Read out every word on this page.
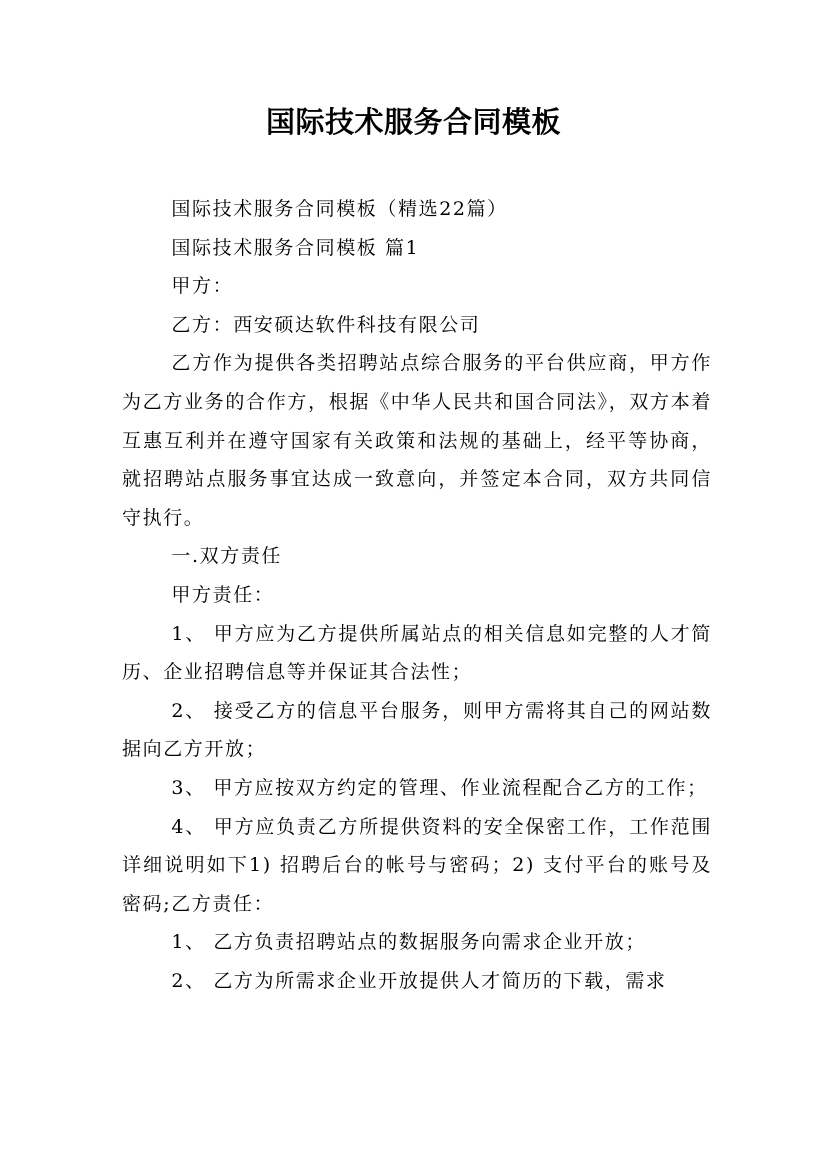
国际技术服务合同模板

国际技术服务合同模板（精选22篇）

国际技术服务合同模板 篇1

甲方：

乙方：西安硕达软件科技有限公司

乙方作为提供各类招聘站点综合服务的平台供应商，甲方作为乙方业务的合作方，根据《中华人民共和国合同法》，双方本着互惠互利并在遵守国家有关政策和法规的基础上，经平等协商，就招聘站点服务事宜达成一致意向，并签定本合同，双方共同信守执行。

一.双方责任

甲方责任：

1、 甲方应为乙方提供所属站点的相关信息如完整的人才简历、企业招聘信息等并保证其合法性；

2、 接受乙方的信息平台服务，则甲方需将其自己的网站数据向乙方开放；

3、 甲方应按双方约定的管理、作业流程配合乙方的工作；

4、 甲方应负责乙方所提供资料的安全保密工作，工作范围详细说明如下1) 招聘后台的帐号与密码；2) 支付平台的账号及密码;乙方责任：

1、 乙方负责招聘站点的数据服务向需求企业开放；

2、 乙方为所需求企业开放提供人才简历的下载，需求
